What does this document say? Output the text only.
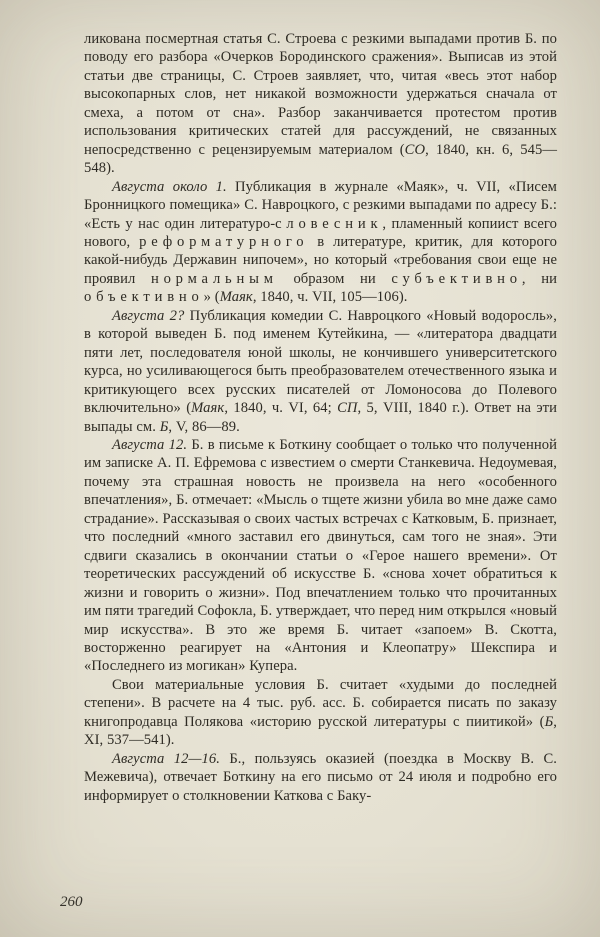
ликована посмертная статья С. Строева с резкими выпадами против Б. по поводу его разбора «Очерков Бородинского сражения». Выписав из этой статьи две страницы, С. Строев заявляет, что, читая «весь этот набор высокопарных слов, нет никакой возможности удержаться сначала от смеха, а потом от сна». Разбор заканчивается протестом против использования критических статей для рассуждений, не связанных непосредственно с рецензируемым материалом (СО, 1840, кн. 6, 545—548).

Августа около 1. Публикация в журнале «Маяк», ч. VII, «Писем Бронницкого помещика» С. Навроцкого, с резкими выпадами по адресу Б.: «Есть у нас один литературо-словесник, пламенный копиист всего нового, реформатурного в литературе, критик, для которого какой-нибудь Державин нипочем», но который «требования свои еще не проявил нормальным образом ни субъективно, ни объективно» (Маяк, 1840, ч. VII, 105—106).

Августа 2? Публикация комедии С. Навроцкого «Новый водоросль», в которой выведен Б. под именем Кутейкина, — «литератора двадцати пяти лет, последователя юной школы, не кончившего университетского курса, но усиливающегося быть преобразователем отечественного языка и критикующего всех русских писателей от Ломоносова до Полевого включительно» (Маяк, 1840, ч. VI, 64; СП, 5, VIII, 1840 г.). Ответ на эти выпады см. Б, V, 86—89.

Августа 12. Б. в письме к Боткину сообщает о только что полученной им записке А. П. Ефремова с известием о смерти Станкевича. Недоумевая, почему эта страшная новость не произвела на него «особенного впечатления», Б. отмечает: «Мысль о тщете жизни убила во мне даже само страдание». Рассказывая о своих частых встречах с Катковым, Б. признает, что последний «много заставил его двинуться, сам того не зная». Эти сдвиги сказались в окончании статьи о «Герое нашего времени». От теоретических рассуждений об искусстве Б. «снова хочет обратиться к жизни и говорить о жизни». Под впечатлением только что прочитанных им пяти трагедий Софокла, Б. утверждает, что перед ним открылся «новый мир искусства». В это же время Б. читает «запоем» В. Скотта, восторженно реагирует на «Антония и Клеопатру» Шекспира и «Последнего из могикан» Купера.

Свои материальные условия Б. считает «худыми до последней степени». В расчете на 4 тыс. руб. асс. Б. собирается писать по заказу книгопродавца Полякова «историю русской литературы с пиитикой» (Б, XI, 537—541).

Августа 12—16. Б., пользуясь оказией (поездка в Москву В. С. Межевича), отвечает Боткину на его письмо от 24 июля и подробно его информирует о столкновении Каткова с Баку-

260
